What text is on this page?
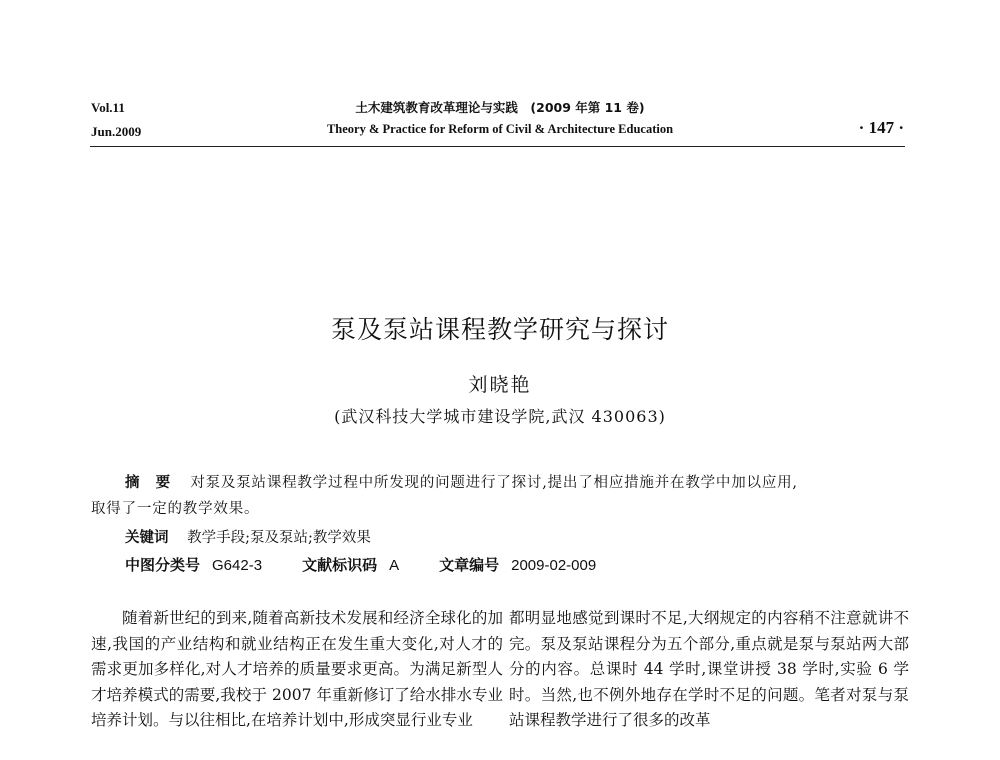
Vol.11
Jun.2009
土木建筑教育改革理论与实践　(2009 年第 11 卷)
Theory & Practice for Reform of Civil & Architecture Education	· 147 ·
泵及泵站课程教学研究与探讨
刘晓艳
(武汉科技大学城市建设学院,武汉 430063)
摘　要 对泵及泵站课程教学过程中所发现的问题进行了探讨,提出了相应措施并在教学中加以应用,
取得了一定的教学效果。
关键词 教学手段;泵及泵站;教学效果
中图分类号 G642-3	文献标识码 A	文章编号 2009-02-009

随着新世纪的到来,随着高新技术发展和经济全球化的加速,我国的产业结构和就业结构正在发生重大变化,对人才的需求更加多样化,对人才培养的质量要求更高。为满足新型人才培养模式的需要,我校于 2007 年重新修订了给水排水专业培养计划。与以往相比,在培养计划中,形成突显行业专业

都明显地感觉到课时不足,大纲规定的内容稍不注意就讲不完。泵及泵站课程分为五个部分,重点就是泵与泵站两大部分的内容。总课时 44 学时,课堂讲授 38 学时,实验 6 学时。当然,也不例外地存在学时不足的问题。笔者对泵与泵站课程教学进行了很多的改革
